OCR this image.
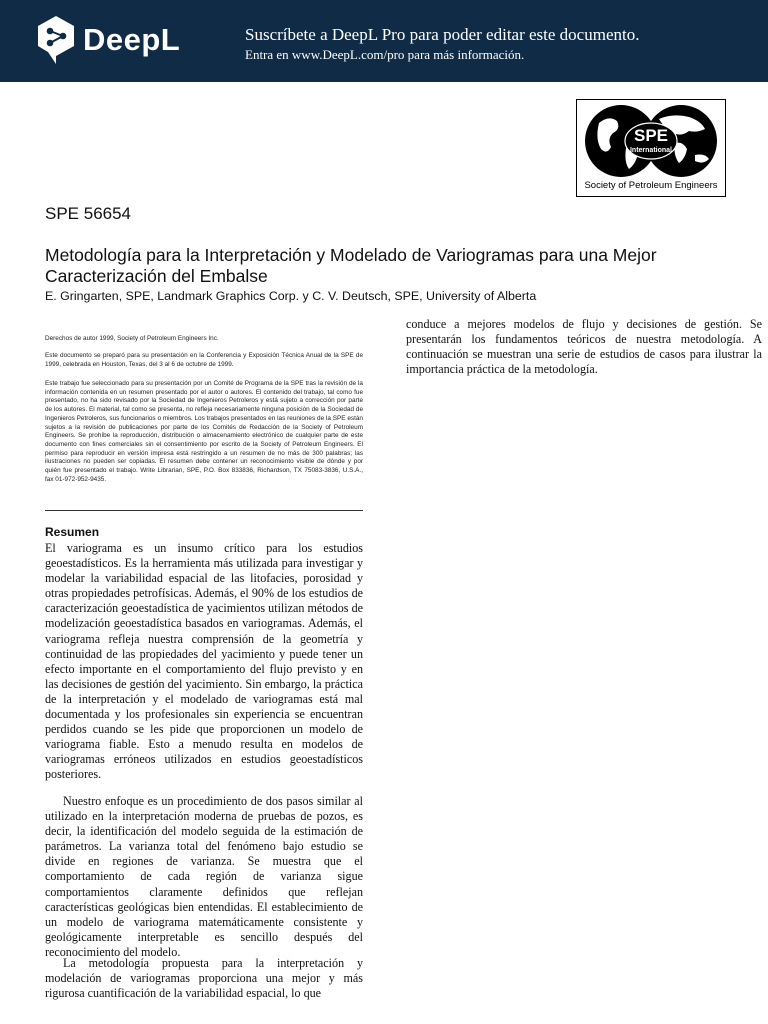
DeepL	Suscríbete a DeepL Pro para poder editar este documento.
Entra en www.DeepL.com/pro para más información.
SPE
International
Society of Petroleum Engineers
SPE 56654
Metodología para la Interpretación y Modelado de Variogramas para una Mejor Caracterización del Embalse
E. Gringarten, SPE, Landmark Graphics Corp. y C. V. Deutsch, SPE, University of Alberta
Derechos de autor 1999, Society of Petroleum Engineers Inc.
Este documento se preparó para su presentación en la Conferencia y Exposición Técnica Anual de la SPE de 1999, celebrada en Houston, Texas, del 3 al 6 de octubre de 1999.
Este trabajo fue seleccionado para su presentación por un Comité de Programa de la SPE tras la revisión de la información contenida en un resumen presentado por el autor o autores. El contenido del trabajo, tal como fue presentado, no ha sido revisado por la Sociedad de Ingenieros Petroleros y está sujeto a corrección por parte de los autores. El material, tal como se presenta, no refleja necesariamente ninguna posición de la Sociedad de Ingenieros Petroleros, sus funcionarios o miembros. Los trabajos presentados en las reuniones de la SPE están sujetos a la revisión de publicaciones por parte de los Comités de Redacción de la Society of Petroleum Engineers. Se prohíbe la reproducción, distribución o almacenamiento electrónico de cualquier parte de este documento con fines comerciales sin el consentimiento por escrito de la Society of Petroleum Engineers. El permiso para reproducir en versión impresa está restringido a un resumen de no más de 300 palabras; las ilustraciones no pueden ser copiadas. El resumen debe contener un reconocimiento visible de dónde y por quién fue presentado el trabajo. Write Librarian, SPE, P.O. Box 833836, Richardson, TX 75083-3836, U.S.A., fax 01-972-952-9435.
Resumen
El variograma es un insumo crítico para los estudios geoestadísticos. Es la herramienta más utilizada para investigar y modelar la variabilidad espacial de las litofacies, porosidad y otras propiedades petrofísicas. Además, el 90% de los estudios de caracterización geoestadística de yacimientos utilizan métodos de modelización geoestadística basados en variogramas. Además, el variograma refleja nuestra comprensión de la geometría y continuidad de las propiedades del yacimiento y puede tener un efecto importante en el comportamiento del flujo previsto y en las decisiones de gestión del yacimiento. Sin embargo, la práctica de la interpretación y el modelado de variogramas está mal documentada y los profesionales sin experiencia se encuentran perdidos cuando se les pide que proporcionen un modelo de variograma fiable. Esto a menudo resulta en modelos de variogramas erróneos utilizados en estudios geoestadísticos posteriores.
Nuestro enfoque es un procedimiento de dos pasos similar al utilizado en la interpretación moderna de pruebas de pozos, es decir, la identificación del modelo seguida de la estimación de parámetros. La varianza total del fenómeno bajo estudio se divide en regiones de varianza. Se muestra que el comportamiento de cada región de varianza sigue comportamientos claramente definidos que reflejan características geológicas bien entendidas. El establecimiento de un modelo de variograma matemáticamente consistente y geológicamente interpretable es sencillo después del reconocimiento del modelo.
La metodología propuesta para la interpretación y modelación de variogramas proporciona una mejor y más rigurosa cuantificación de la variabilidad espacial, lo que
conduce a mejores modelos de flujo y decisiones de gestión. Se presentarán los fundamentos teóricos de nuestra metodología. A continuación se muestran una serie de estudios de casos para ilustrar la importancia práctica de la metodología.
